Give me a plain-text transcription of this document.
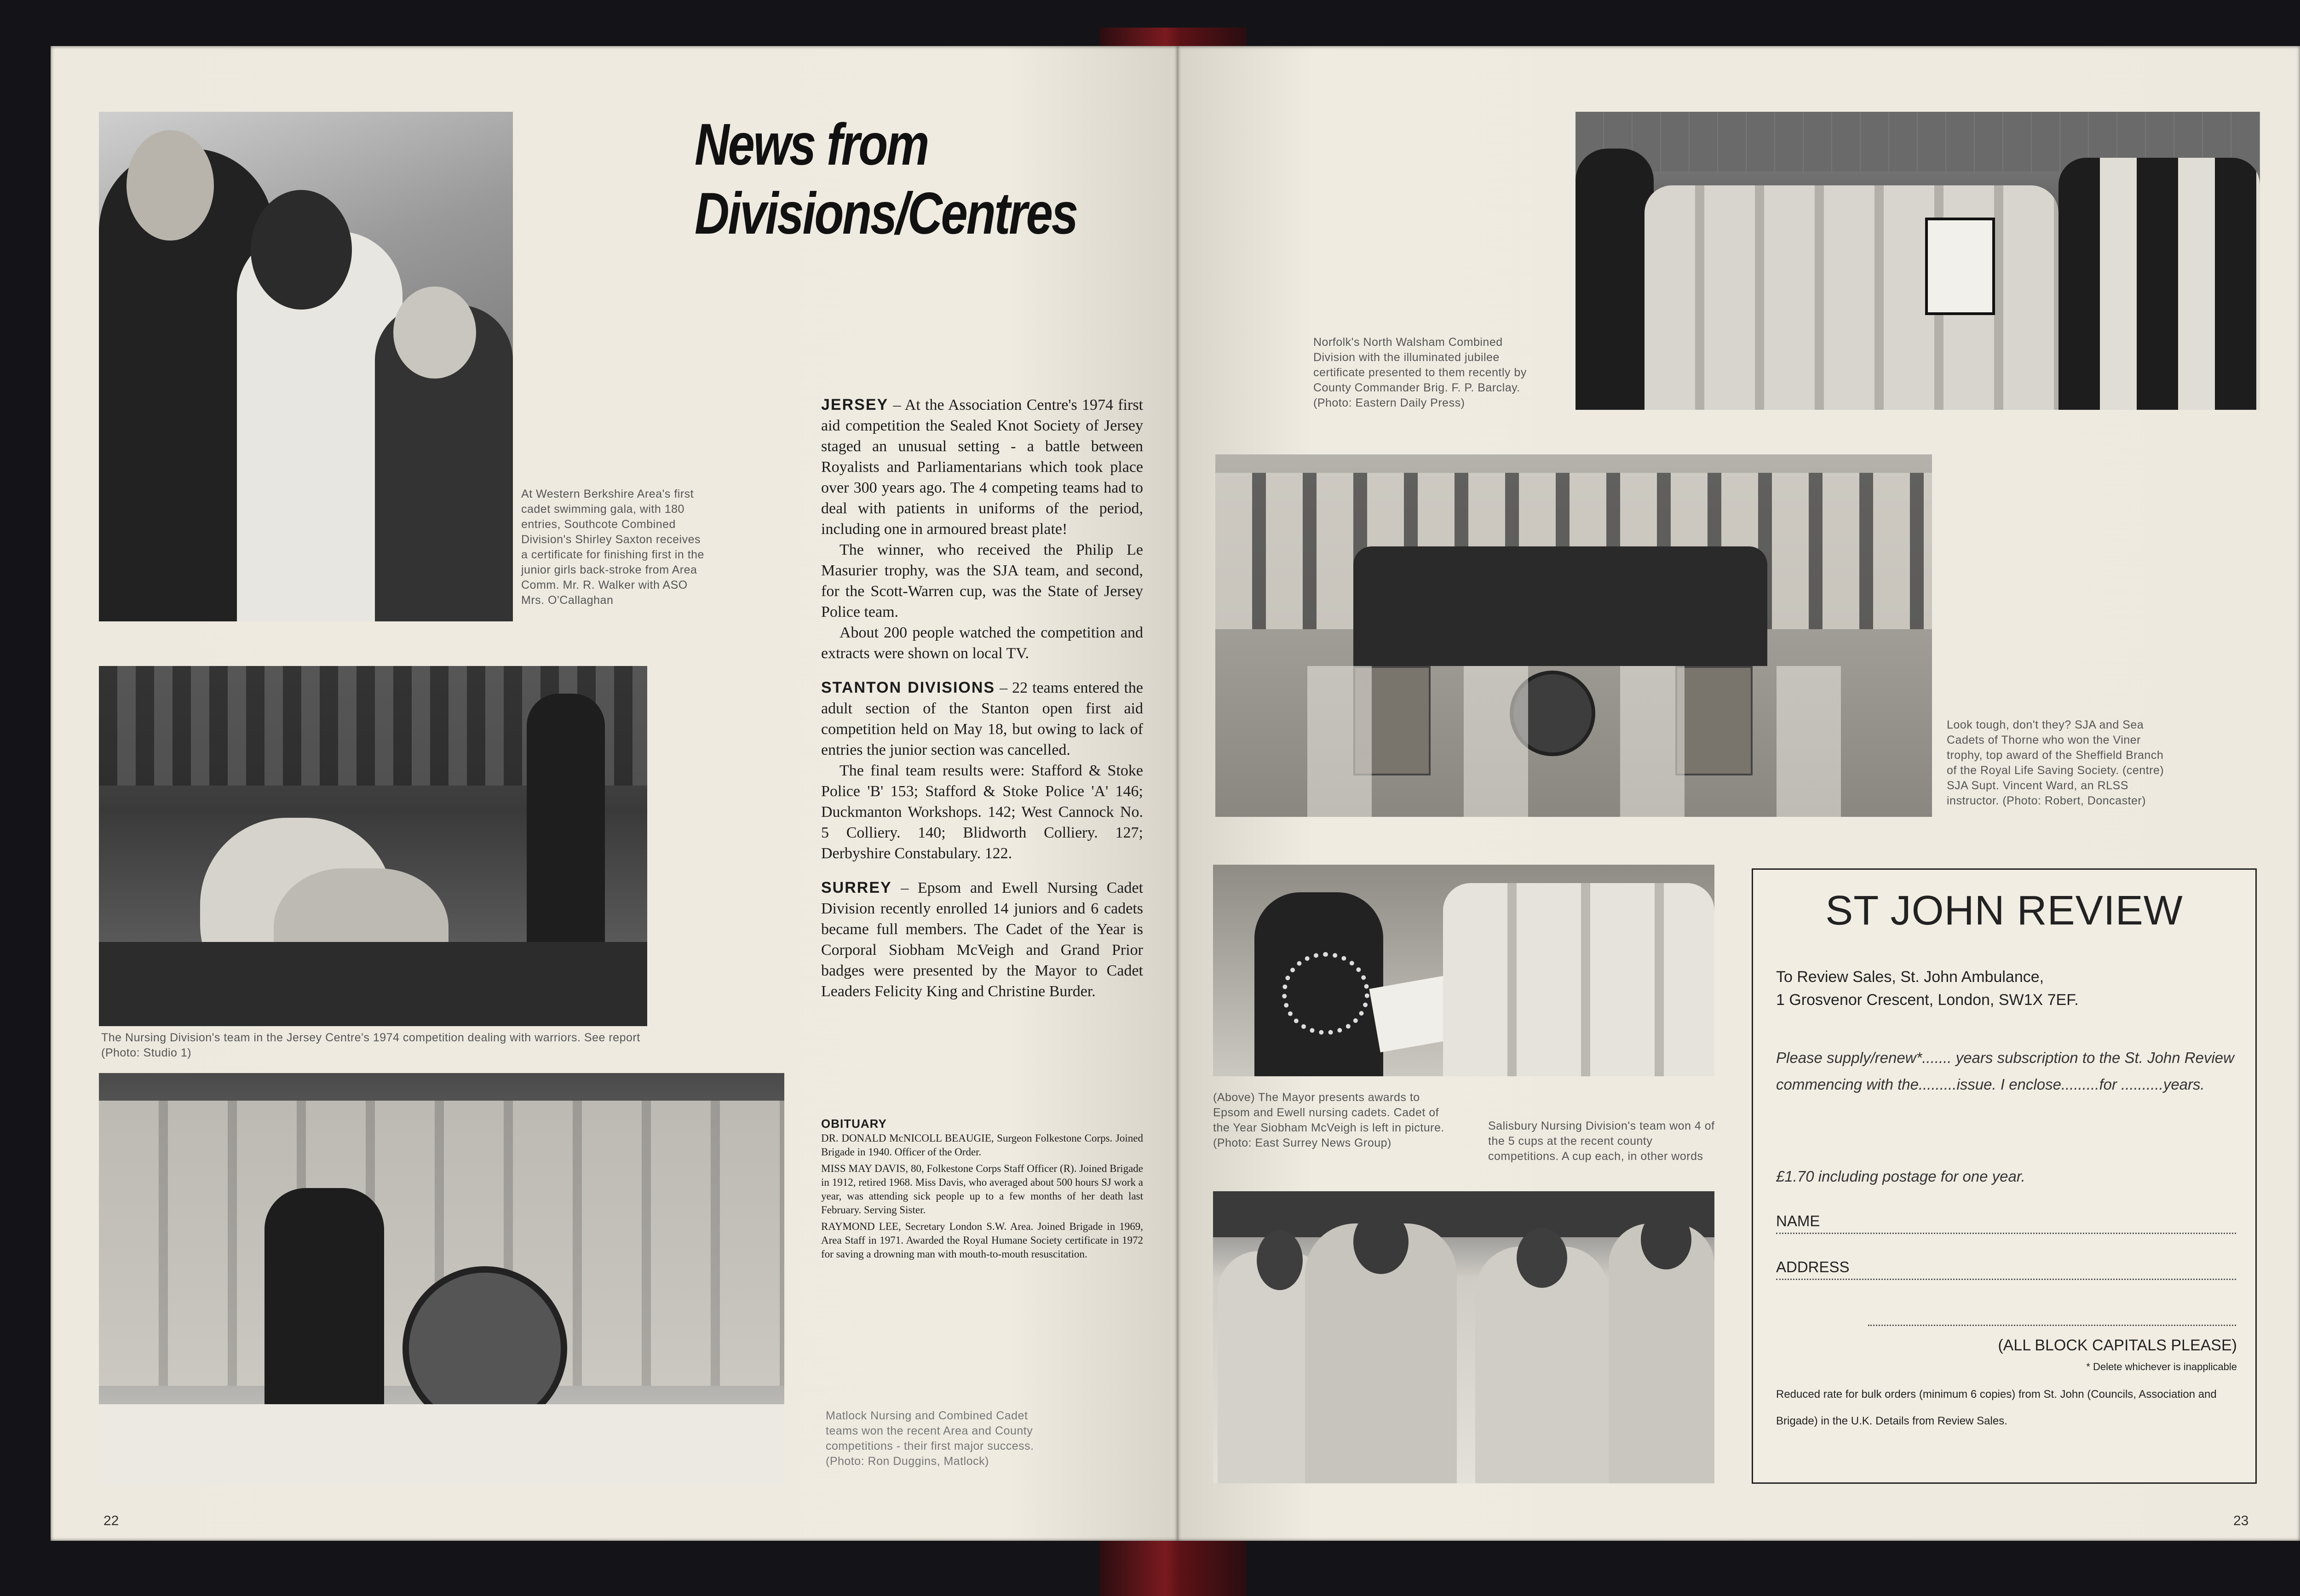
At Western Berkshire Area's first cadet swimming gala, with 180 entries, Southcote Combined Division's Shirley Saxton receives a certificate for finishing first in the junior girls back-stroke from Area Comm. Mr. R. Walker with ASO Mrs. O'Callaghan
The Nursing Division's team in the Jersey Centre's 1974 competition dealing with warriors. See report (Photo: Studio 1)
News from
Divisions/Centres

JERSEY – At the Association Centre's 1974 first aid competition the Sealed Knot Society of Jersey staged an unusual setting - a battle between Royalists and Parliamentarians which took place over 300 years ago. The 4 competing teams had to deal with patients in uniforms of the period, including one in armoured breast plate!

The winner, who received the Philip Le Masurier trophy, was the SJA team, and second, for the Scott-Warren cup, was the State of Jersey Police team.

About 200 people watched the competition and extracts were shown on local TV.

STANTON DIVISIONS – 22 teams entered the adult section of the Stanton open first aid competition held on May 18, but owing to lack of entries the junior section was cancelled.

The final team results were: Stafford & Stoke Police 'B' 153; Stafford & Stoke Police 'A' 146; Duckmanton Workshops. 142; West Cannock No. 5 Colliery. 140; Blidworth Colliery. 127; Derbyshire Constabulary. 122.

SURREY – Epsom and Ewell Nursing Cadet Division recently enrolled 14 juniors and 6 cadets became full members. The Cadet of the Year is Corporal Siobham McVeigh and Grand Prior badges were presented by the Mayor to Cadet Leaders Felicity King and Christine Burder.

OBITUARY

DR. DONALD McNICOLL BEAUGIE, Surgeon Folkestone Corps. Joined Brigade in 1940. Officer of the Order.

MISS MAY DAVIS, 80, Folkestone Corps Staff Officer (R). Joined Brigade in 1912, retired 1968. Miss Davis, who averaged about 500 hours SJ work a year, was attending sick people up to a few months of her death last February. Serving Sister.

RAYMOND LEE, Secretary London S.W. Area. Joined Brigade in 1969, Area Staff in 1971. Awarded the Royal Humane Society certificate in 1972 for saving a drowning man with mouth-to-mouth resuscitation.

Matlock Nursing and Combined Cadet teams won the recent Area and County competitions - their first major success. (Photo: Ron Duggins, Matlock)
22
Norfolk's North Walsham Combined Division with the illuminated jubilee certificate presented to them recently by County Commander Brig. F. P. Barclay. (Photo: Eastern Daily Press)
Look tough, don't they? SJA and Sea Cadets of Thorne who won the Viner trophy, top award of the Sheffield Branch of the Royal Life Saving Society. (centre) SJA Supt. Vincent Ward, an RLSS instructor. (Photo: Robert, Doncaster)
(Above) The Mayor presents awards to Epsom and Ewell nursing cadets. Cadet of the Year Siobham McVeigh is left in picture. (Photo: East Surrey News Group)
Salisbury Nursing Division's team won 4 of the 5 cups at the recent county competitions. A cup each, in other words
ST JOHN REVIEW
To Review Sales, St. John Ambulance,
1 Grosvenor Crescent, London, SW1X 7EF.
Please supply/renew*....... years subscription to the St. John Review commencing with the.........issue. I enclose.........for ..........years.
£1.70 including postage for one year.
NAME
ADDRESS
(ALL BLOCK CAPITALS PLEASE)
* Delete whichever is inapplicable
Reduced rate for bulk orders (minimum 6 copies) from St. John (Councils, Association and Brigade) in the U.K. Details from Review Sales.
23
